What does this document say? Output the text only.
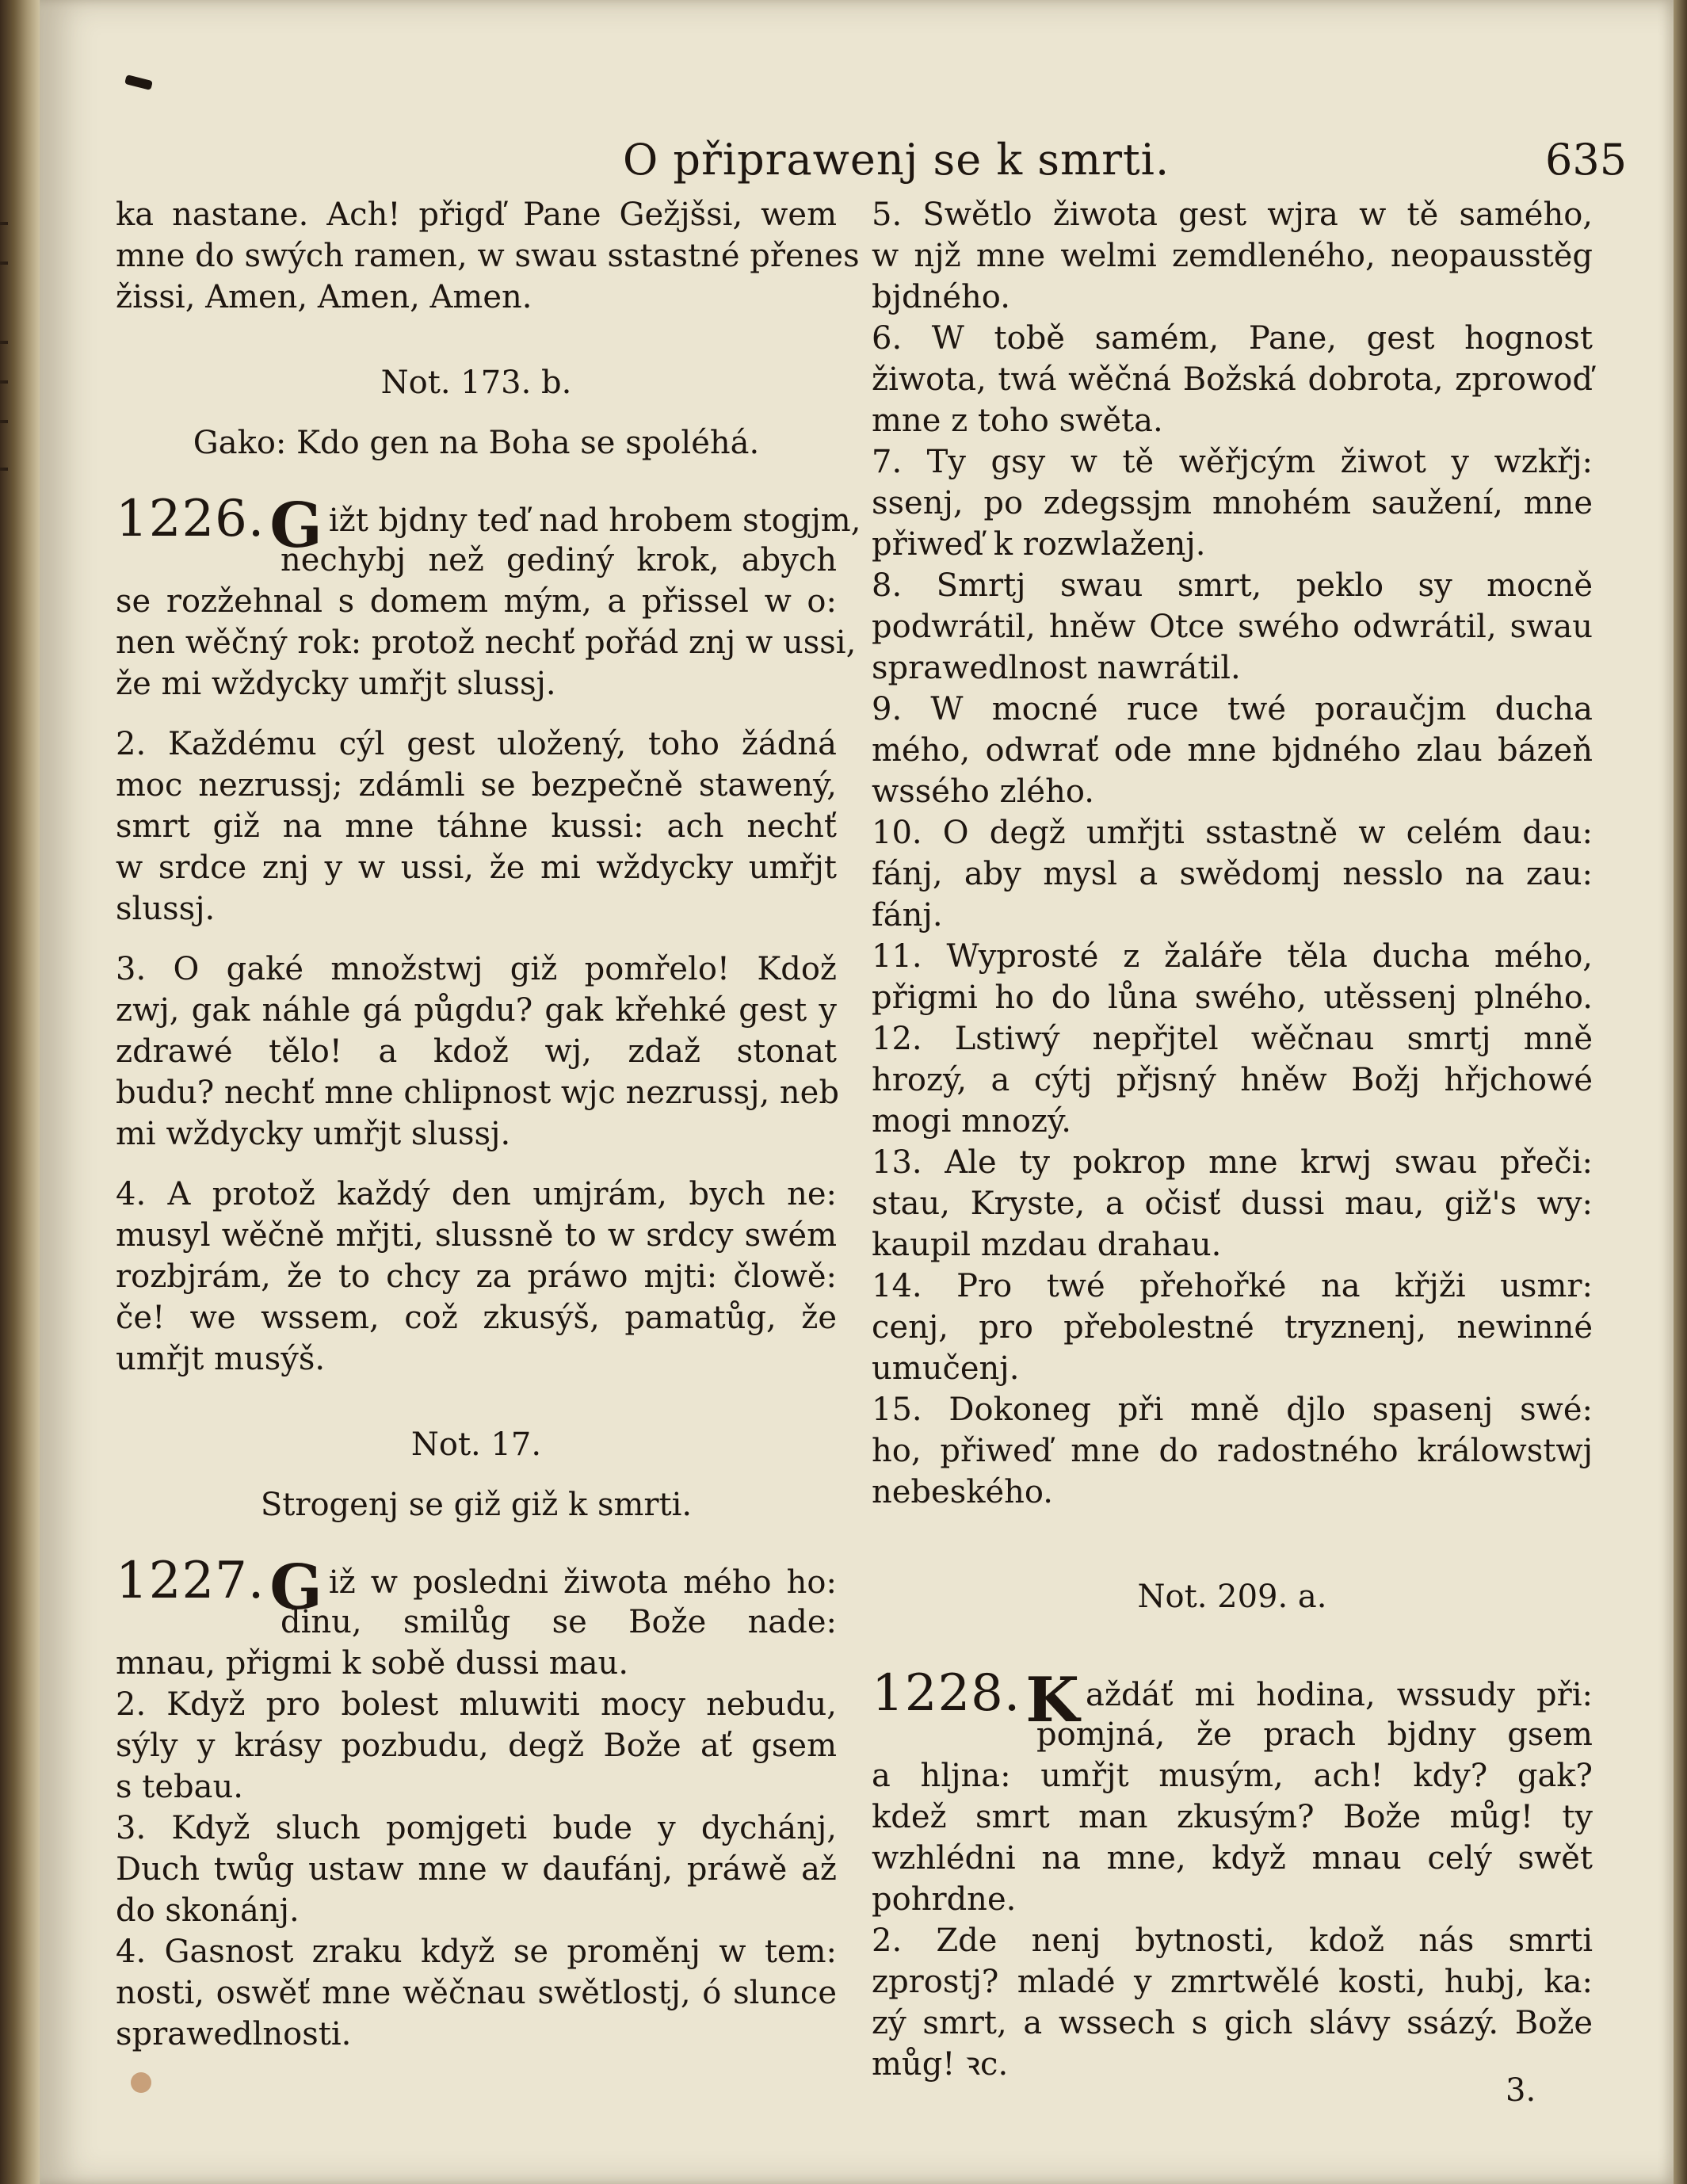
O připrawenj se k smrti.	635
ka nastane. Ach! přigď Pane Gežjšsi, wem
mne do swých ramen, w swau sstastné přenes
žissi, Amen, Amen, Amen.
Not. 173. b.
Gako: Kdo gen na Boha se spoléhá.
1226.G ižt bjdny teď nad hrobem stogjm,
nechybj než gediný krok, abych
se rozžehnal s domem mým, a přissel w o:
nen wěčný rok: protož nechť pořád znj w ussi,
že mi wždycky umřjt slussj.
2. Každému cýl gest uložený, toho žádná
moc nezrussj; zdámli se bezpečně stawený,
smrt giž na mne táhne kussi: ach nechť
w srdce znj y w ussi, že mi wždycky umřjt
slussj.
3. O gaké množstwj giž pomřelo! Kdož
zwj, gak náhle gá půgdu? gak křehké gest y
zdrawé tělo! a kdož wj, zdaž stonat
budu? nechť mne chlipnost wjc nezrussj, neb
mi wždycky umřjt slussj.
4. A protož každý den umjrám, bych ne:
musyl wěčně mřjti, slussně to w srdcy swém
rozbjrám, že to chcy za práwo mjti: člowě:
če! we wssem, což zkusýš, pamatůg, že
umřjt musýš.
Not. 17.
Strogenj se giž giž k smrti.
1227.G iž w posledni žiwota mého ho:
dinu, smilůg se Bože nade:
mnau, přigmi k sobě dussi mau.
2. Když pro bolest mluwiti mocy nebudu,
sýly y krásy pozbudu, degž Bože ať gsem
s tebau.
3. Když sluch pomjgeti bude y dychánj,
Duch twůg ustaw mne w daufánj, práwě až
do skonánj.
4. Gasnost zraku když se proměnj w tem:
nosti, oswěť mne wěčnau swětlostj, ó slunce
sprawedlnosti.
5. Swětlo žiwota gest wjra w tě samého,
w njž mne welmi zemdleného, neopausstěg
bjdného.
6. W tobě samém, Pane, gest hognost
žiwota, twá wěčná Božská dobrota, zprowoď
mne z toho swěta.
7. Ty gsy w tě wěřjcým žiwot y wzkřj:
ssenj, po zdegssjm mnohém saužení, mne
přiweď k rozwlaženj.
8. Smrtj swau smrt, peklo sy mocně
podwrátil, hněw Otce swého odwrátil, swau
sprawedlnost nawrátil.
9. W mocné ruce twé poraučjm ducha
mého, odwrať ode mne bjdného zlau bázeň
wssého zlého.
10. O degž umřjti sstastně w celém dau:
fánj, aby mysl a swědomj nesslo na zau:
fánj.
11. Wyprosté z žaláře těla ducha mého,
přigmi ho do lůna swého, utěssenj plného.
12. Lstiwý nepřjtel wěčnau smrtj mně
hrozý, a cýtj přjsný hněw Božj hřjchowé
mogi mnozý.
13. Ale ty pokrop mne krwj swau přeči:
stau, Kryste, a očisť dussi mau, giž's wy:
kaupil mzdau drahau.
14. Pro twé přehořké na křjži usmr:
cenj, pro přebolestné tryznenj, newinné
umučenj.
15. Dokoneg při mně djlo spasenj swé:
ho, přiweď mne do radostného králowstwj
nebeského.
Not. 209. a.
1228.K aždáť mi hodina, wssudy při:
pomjná, že prach bjdny gsem
a hljna: umřjt musým, ach! kdy? gak?
kdež smrt man zkusým? Bože můg! ty
wzhlédni na mne, když mnau celý swět
pohrdne.
2. Zde nenj bytnosti, kdož nás smrti
zprostj? mladé y zmrtwělé kosti, hubj, ka:
zý smrt, a wssech s gich slávy ssázý. Bože
můg! ꝛc.
3.
